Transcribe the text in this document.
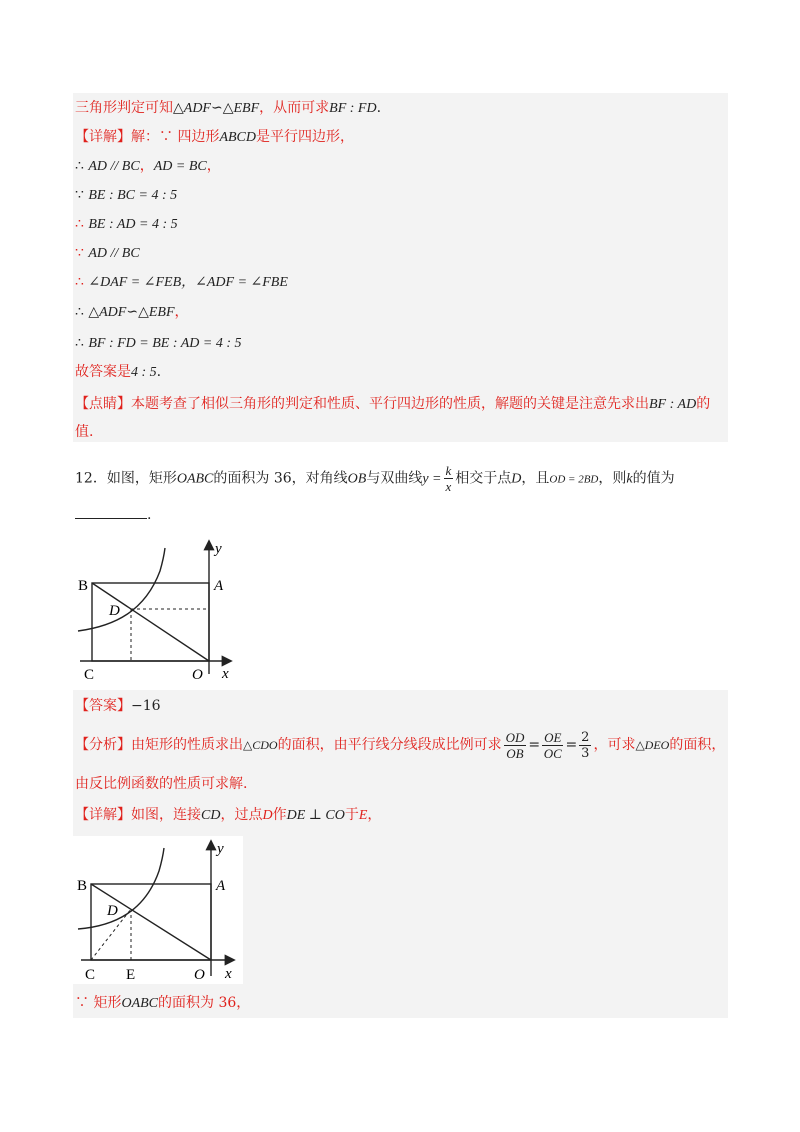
三角形判定可知△ADF∽△EBF，从而可求BF : FD.
【详解】解：∵ 四边形ABCD是平行四边形，
∴ AD // BC，AD = BC，
∵ BE : BC = 4 : 5
∴ BE : AD = 4 : 5
∵ AD // BC
∴ ∠DAF = ∠FEB，∠ADF = ∠FBE
∴ △ADF∽△EBF，
∴ BF : FD = BE : AD = 4 : 5
故答案是4 : 5.
【点睛】本题考查了相似三角形的判定和性质、平行四边形的性质，解题的关键是注意先求出BF : AD的
值.
12．如图，矩形OABC的面积为 36，对角线OB与双曲线$y = \frac{k}{x}$ 相交于点D，且OD = 2BD，则k的值为
.
B	A
D
C	O x
y
【答案】−16
【分析】由矩形的性质求出△CDO的面积，由平行线分线段成比例可求 $\frac{OD}{OB} = \frac{OE}{OC} = \frac{2}{3}$ ，可求△DEO的面积，
由反比例函数的性质可求解.
【详解】如图，连接CD，过点D作DE ⊥ CO于E，
B	A
D
C E	O x
y
∵ 矩形OABC的面积为 36，
